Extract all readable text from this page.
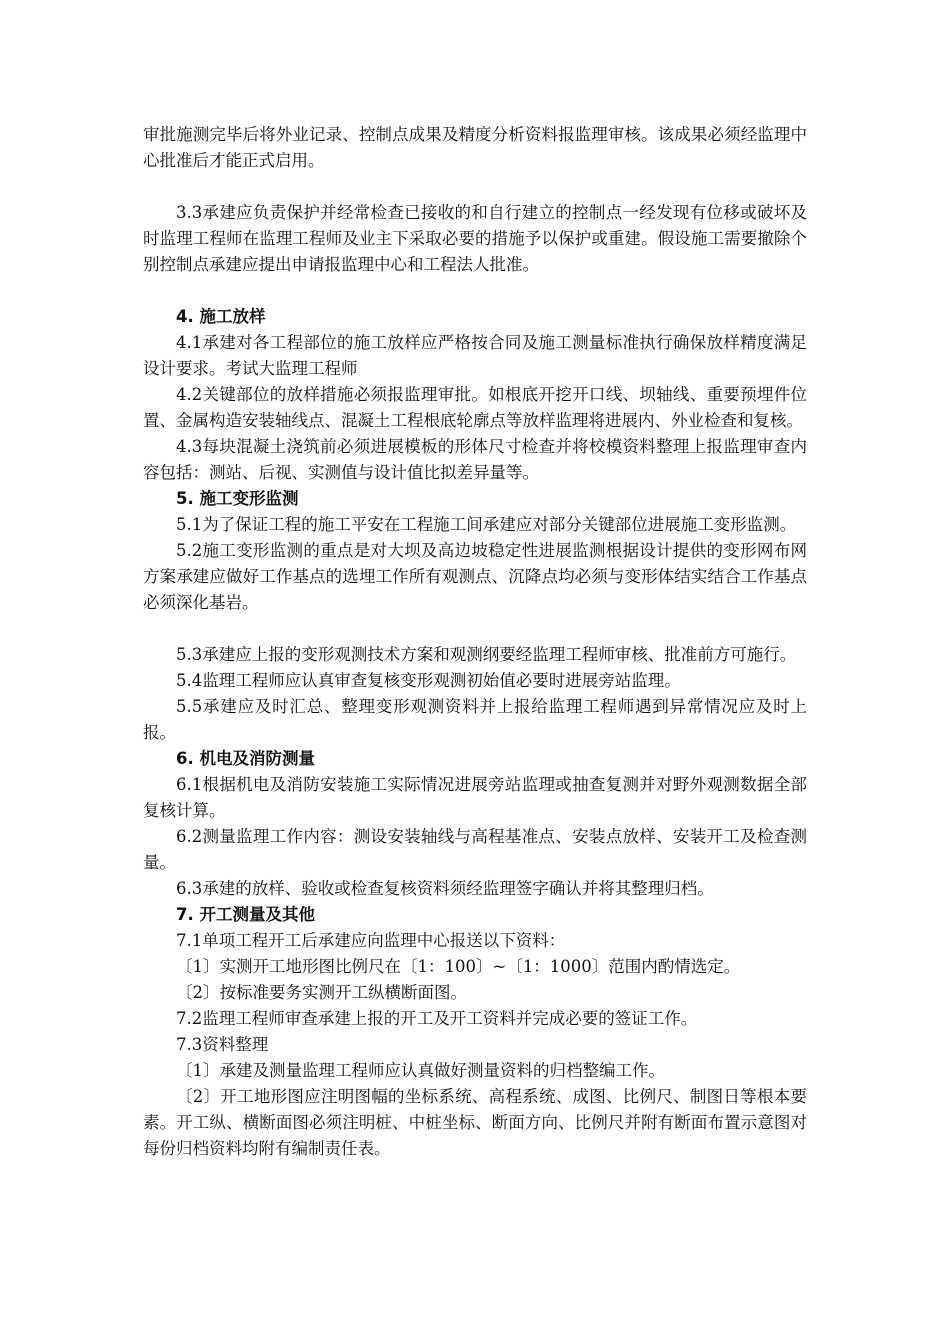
审批施测完毕后将外业记录、控制点成果及精度分析资料报监理审核。该成果必须经监理中心批准后才能正式启用。

3.3承建应负责保护并经常检查已接收的和自行建立的控制点一经发现有位移或破坏及时监理工程师在监理工程师及业主下采取必要的措施予以保护或重建。假设施工需要撤除个别控制点承建应提出申请报监理中心和工程法人批准。

4. 施工放样

4.1承建对各工程部位的施工放样应严格按合同及施工测量标准执行确保放样精度满足设计要求。考试大监理工程师

4.2关键部位的放样措施必须报监理审批。如根底开挖开口线、坝轴线、重要预埋件位置、金属构造安装轴线点、混凝土工程根底轮廓点等放样监理将进展内、外业检查和复核。

4.3每块混凝土浇筑前必须进展模板的形体尺寸检查并将校模资料整理上报监理审查内容包括：测站、后视、实测值与设计值比拟差异量等。

5. 施工变形监测

5.1为了保证工程的施工平安在工程施工间承建应对部分关键部位进展施工变形监测。

5.2施工变形监测的重点是对大坝及高边坡稳定性进展监测根据设计提供的变形网布网方案承建应做好工作基点的选埋工作所有观测点、沉降点均必须与变形体结实结合工作基点必须深化基岩。

5.3承建应上报的变形观测技术方案和观测纲要经监理工程师审核、批准前方可施行。

5.4监理工程师应认真审查复核变形观测初始值必要时进展旁站监理。

5.5承建应及时汇总、整理变形观测资料并上报给监理工程师遇到异常情况应及时上报。

6. 机电及消防测量

6.1根据机电及消防安装施工实际情况进展旁站监理或抽查复测并对野外观测数据全部复核计算。

6.2测量监理工作内容：测设安装轴线与高程基准点、安装点放样、安装开工及检查测量。

6.3承建的放样、验收或检查复核资料须经监理签字确认并将其整理归档。

7. 开工测量及其他

7.1单项工程开工后承建应向监理中心报送以下资料：

〔1〕实测开工地形图比例尺在〔1：100〕~〔1：1000〕范围内酌情选定。

〔2〕按标准要务实测开工纵横断面图。

7.2监理工程师审查承建上报的开工及开工资料并完成必要的签证工作。

7.3资料整理

〔1〕承建及测量监理工程师应认真做好测量资料的归档整编工作。

〔2〕开工地形图应注明图幅的坐标系统、高程系统、成图、比例尺、制图日等根本要素。开工纵、横断面图必须注明桩、中桩坐标、断面方向、比例尺并附有断面布置示意图对每份归档资料均附有编制责任表。
